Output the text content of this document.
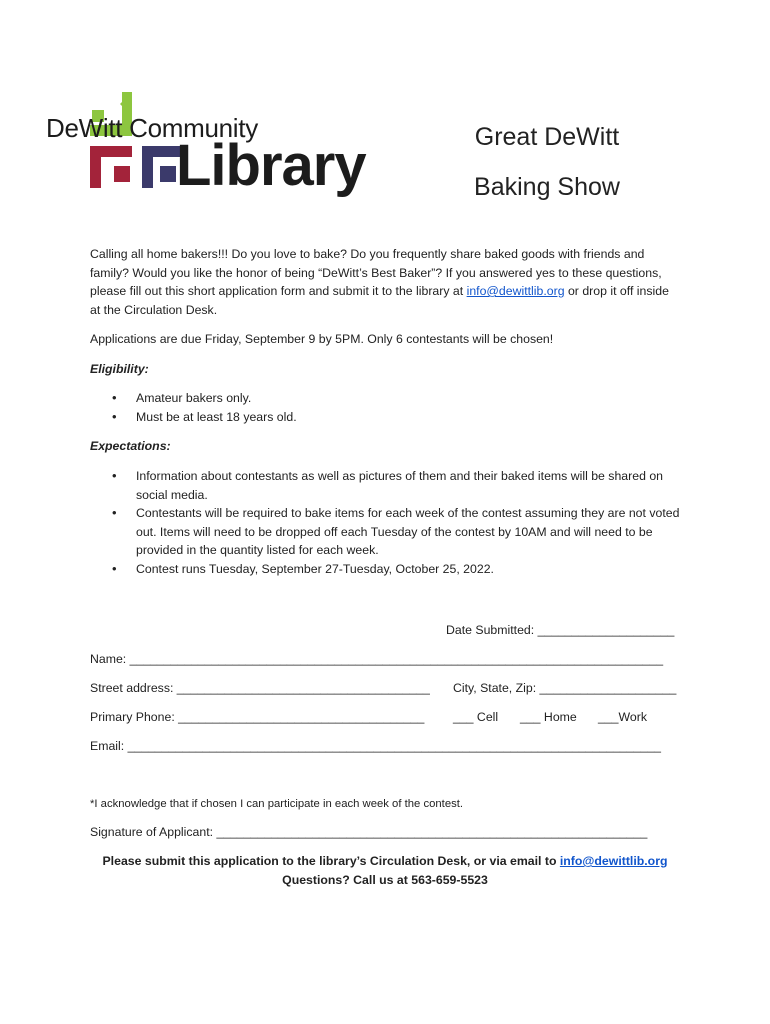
DeWitt Community
Library	Great DeWitt
Baking Show
Calling all home bakers!!! Do you love to bake? Do you frequently share baked goods with friends and family? Would you like the honor of being “DeWitt’s Best Baker”? If you answered yes to these questions, please fill out this short application form and submit it to the library at info@dewittlib.org or drop it off inside at the Circulation Desk.
Applications are due Friday, September 9 by 5PM. Only 6 contestants will be chosen!
Eligibility:
• Amateur bakers only.
• Must be at least 18 years old.
Expectations:
• Information about contestants as well as pictures of them and their baked items will be shared on social media.
• Contestants will be required to bake items for each week of the contest assuming they are not voted out. Items will need to be dropped off each Tuesday of the contest by 10AM and will need to be provided in the quantity listed for each week.
• Contest runs Tuesday, September 27-Tuesday, October 25, 2022.
Date Submitted: ____________________
Name: ______________________________________________________________________________
Street address: _____________________________________ City, State, Zip: ____________________
Primary Phone: ____________________________________ ___ Cell ___ Home ___Work
Email: ______________________________________________________________________________
*I acknowledge that if chosen I can participate in each week of the contest.
Signature of Applicant: _______________________________________________________________
Please submit this application to the library’s Circulation Desk, or via email to info@dewittlib.org
Questions? Call us at 563-659-5523
